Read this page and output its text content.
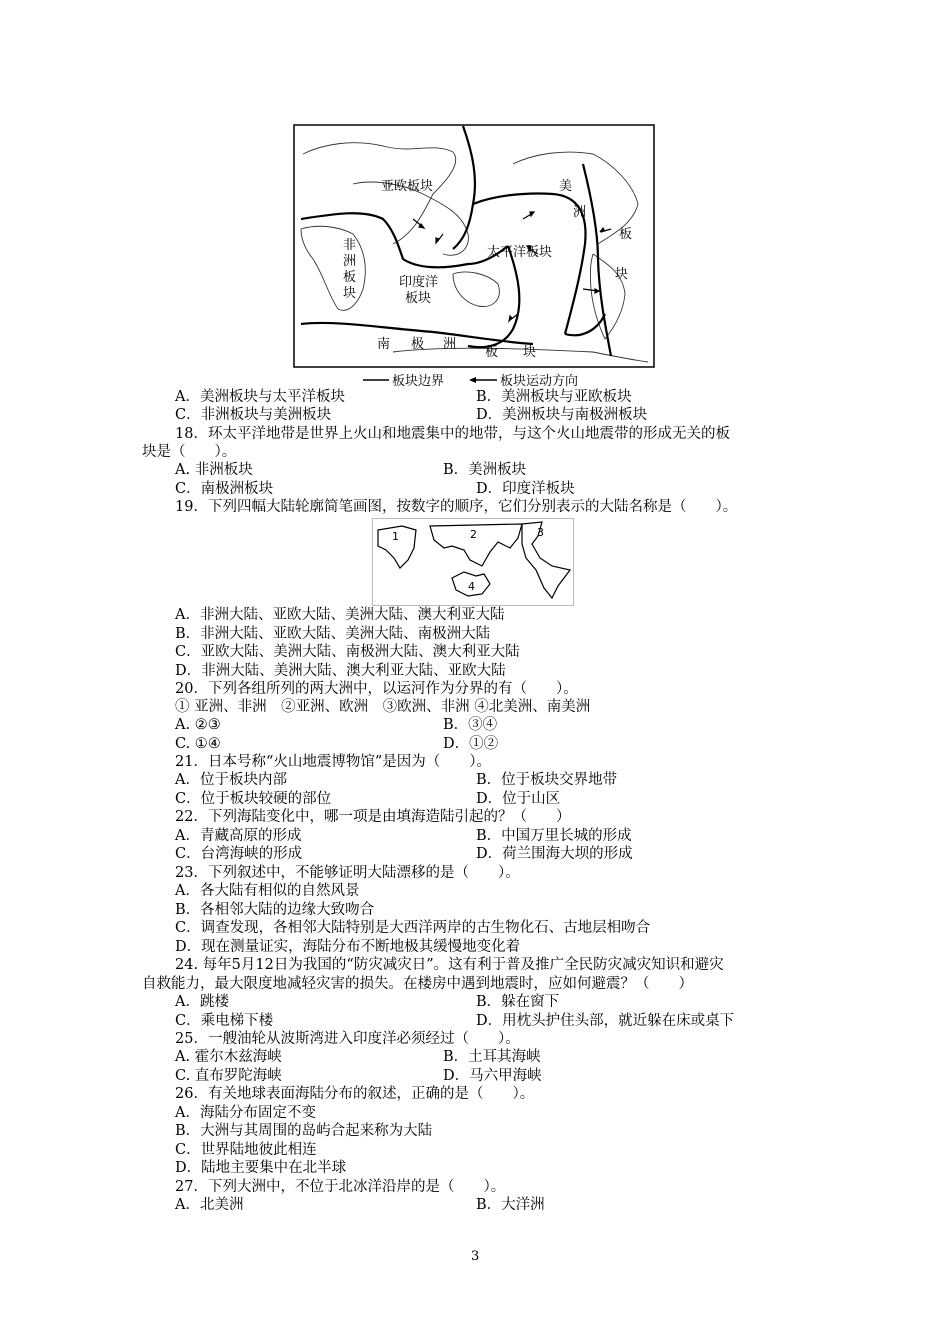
亚欧板块
非
洲
板
块
太平洋板块
印度洋
板块
美
洲
板
块
南 极 洲
板 块
板块边界	板块运动方向
A．美洲板块与太平洋板块	B．美洲板块与亚欧板块
C．非洲板块与美洲板块	D．美洲板块与南极洲板块
18．环太平洋地带是世界上火山和地震集中的地带，与这个火山地震带的形成无关的板
块是（　　）。
A. 非洲板块	B．美洲板块
C．南极洲板块	D．印度洋板块
19．下列四幅大陆轮廓简笔画图，按数字的顺序，它们分别表示的大陆名称是（　　）。
1	2	3
4
A．非洲大陆、亚欧大陆、美洲大陆、澳大利亚大陆
B．非洲大陆、亚欧大陆、美洲大陆、南极洲大陆
C．亚欧大陆、美洲大陆、南极洲大陆、澳大利亚大陆
D．非洲大陆、美洲大陆、澳大利亚大陆、亚欧大陆
20．下列各组所列的两大洲中，以运河作为分界的有（　　）。
① 亚洲、非洲　②亚洲、欧洲　③欧洲、非洲 ④北美洲、南美洲
A. ②③	B．③④
C. ①④	D．①②
21．日本号称“火山地震博物馆”是因为（　　）。
A．位于板块内部	B．位于板块交界地带
C．位于板块较硬的部位	D．位于山区
22．下列海陆变化中，哪一项是由填海造陆引起的？（　　）
A．青藏高原的形成	B．中国万里长城的形成
C．台湾海峡的形成	D．荷兰围海大坝的形成
23．下列叙述中，不能够证明大陆漂移的是（　　）。
A．各大陆有相似的自然风景
B．各相邻大陆的边缘大致吻合
C．调查发现，各相邻大陆特别是大西洋两岸的古生物化石、古地层相吻合
D．现在测量证实，海陆分布不断地极其缓慢地变化着
24. 每年5月12日为我国的“防灾减灾日”。这有利于普及推广全民防灾减灾知识和避灾
自救能力，最大限度地减轻灾害的损失。在楼房中遇到地震时，应如何避震？（　　）
A．跳楼	B．躲在窗下
C．乘电梯下楼	D．用枕头护住头部，就近躲在床或桌下
25．一艘油轮从波斯湾进入印度洋必须经过（　　）。
A. 霍尔木兹海峡	B．土耳其海峡
C. 直布罗陀海峡	D．马六甲海峡
26．有关地球表面海陆分布的叙述，正确的是（　　）。
A．海陆分布固定不变
B．大洲与其周围的岛屿合起来称为大陆
C．世界陆地彼此相连
D．陆地主要集中在北半球
27．下列大洲中，不位于北冰洋沿岸的是（　　）。
A．北美洲	B．大洋洲
3
